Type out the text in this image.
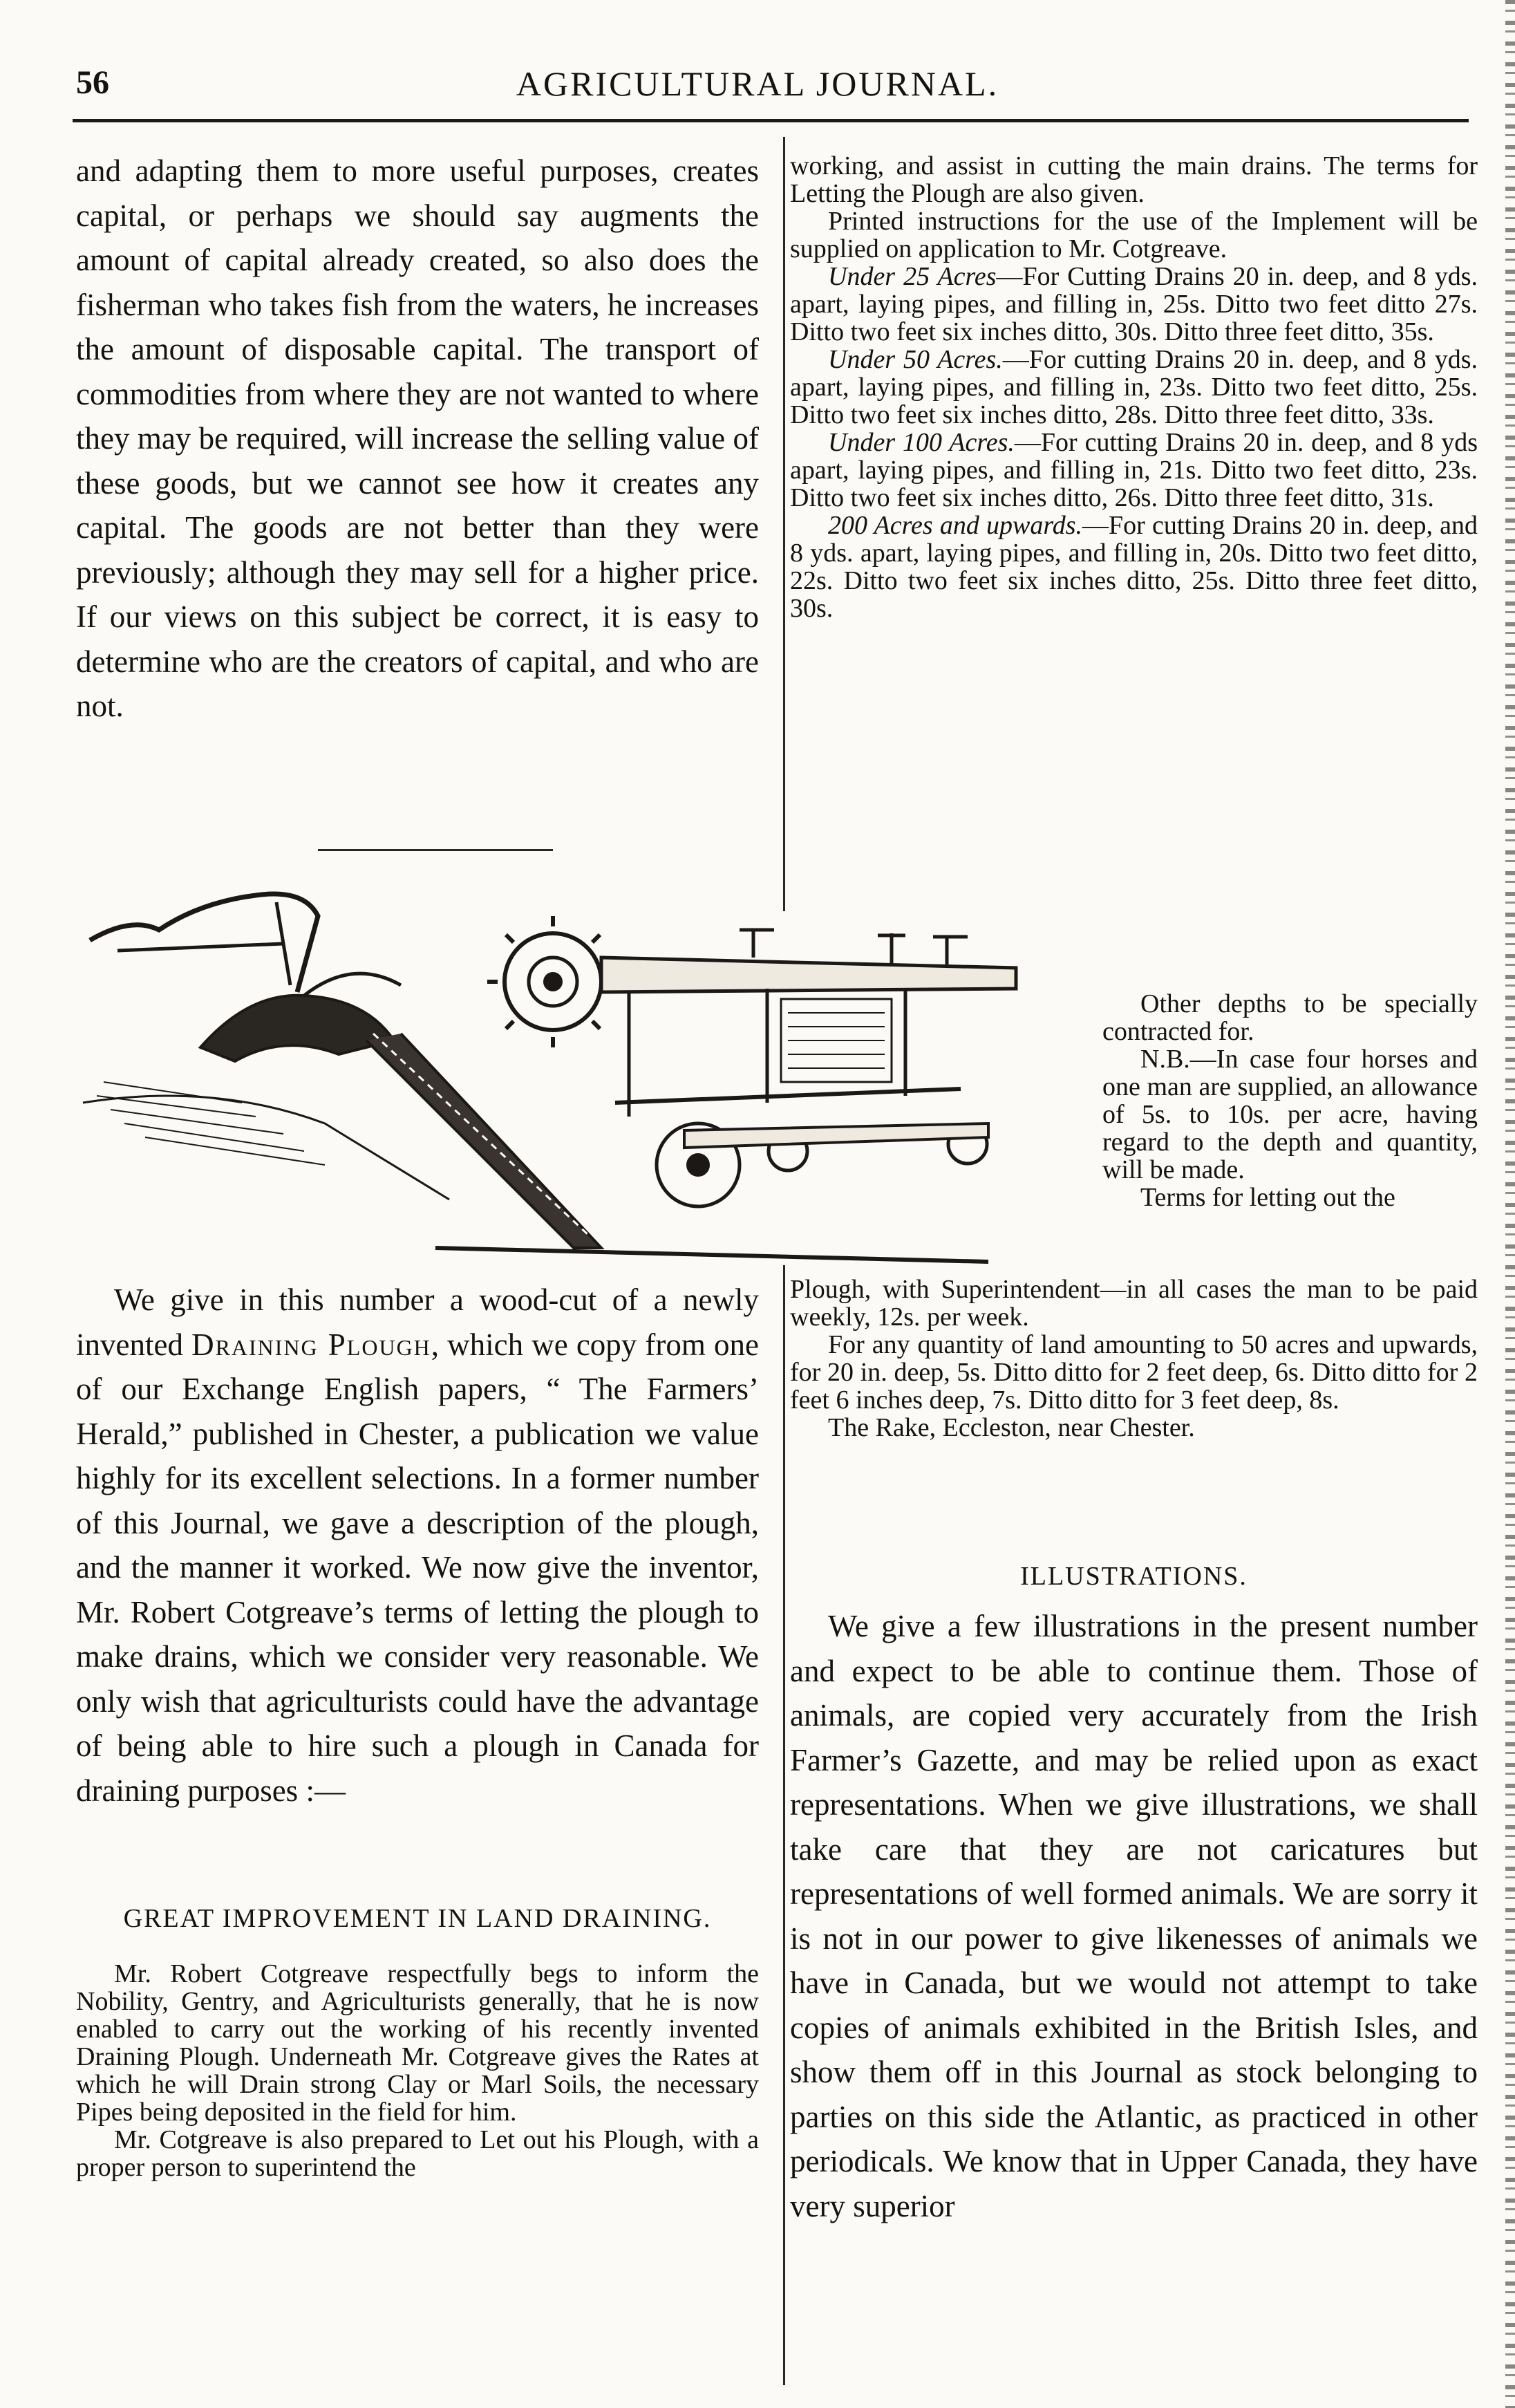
56	AGRICULTURAL JOURNAL.

and adapting them to more useful purposes, creates capital, or perhaps we should say augments the amount of capital already created, so also does the fisherman who takes fish from the waters, he increases the amount of disposable capital. The transport of commodities from where they are not wanted to where they may be required, will increase the selling value of these goods, but we cannot see how it creates any capital. The goods are not better than they were previously; although they may sell for a higher price. If our views on this subject be correct, it is easy to determine who are the creators of capital, and who are not.

working, and assist in cutting the main drains. The terms for Letting the Plough are also given.

Printed instructions for the use of the Implement will be supplied on application to Mr. Cotgreave.

Under 25 Acres—For Cutting Drains 20 in. deep, and 8 yds. apart, laying pipes, and filling in, 25s. Ditto two feet ditto 27s. Ditto two feet six inches ditto, 30s. Ditto three feet ditto, 35s.

Under 50 Acres.—For cutting Drains 20 in. deep, and 8 yds. apart, laying pipes, and filling in, 23s. Ditto two feet ditto, 25s. Ditto two feet six inches ditto, 28s. Ditto three feet ditto, 33s.

Under 100 Acres.—For cutting Drains 20 in. deep, and 8 yds apart, laying pipes, and filling in, 21s. Ditto two feet ditto, 23s. Ditto two feet six inches ditto, 26s. Ditto three feet ditto, 31s.

200 Acres and upwards.—For cutting Drains 20 in. deep, and 8 yds. apart, laying pipes, and filling in, 20s. Ditto two feet ditto, 22s. Ditto two feet six inches ditto, 25s. Ditto three feet ditto, 30s.

Other depths to be specially contracted for.

N.B.—In case four horses and one man are supplied, an allowance of 5s. to 10s. per acre, having regard to the depth and quantity, will be made.

Terms for letting out the

We give in this number a wood-cut of a newly invented Draining Plough, which we copy from one of our Exchange English papers, “ The Farmers’ Herald,” published in Chester, a publication we value highly for its excellent selections. In a former number of this Journal, we gave a description of the plough, and the manner it worked. We now give the inventor, Mr. Robert Cotgreave’s terms of letting the plough to make drains, which we consider very reasonable. We only wish that agriculturists could have the advantage of being able to hire such a plough in Canada for draining purposes :—

GREAT IMPROVEMENT IN LAND DRAINING.

Mr. Robert Cotgreave respectfully begs to inform the Nobility, Gentry, and Agriculturists generally, that he is now enabled to carry out the working of his recently invented Draining Plough. Underneath Mr. Cotgreave gives the Rates at which he will Drain strong Clay or Marl Soils, the necessary Pipes being deposited in the field for him.

Mr. Cotgreave is also prepared to Let out his Plough, with a proper person to superintend the

Plough, with Superintendent—in all cases the man to be paid weekly, 12s. per week.

For any quantity of land amounting to 50 acres and upwards, for 20 in. deep, 5s. Ditto ditto for 2 feet deep, 6s. Ditto ditto for 2 feet 6 inches deep, 7s. Ditto ditto for 3 feet deep, 8s.

The Rake, Eccleston, near Chester.

ILLUSTRATIONS.

We give a few illustrations in the present number and expect to be able to continue them. Those of animals, are copied very accurately from the Irish Farmer’s Gazette, and may be relied upon as exact representations. When we give illustrations, we shall take care that they are not caricatures but representations of well formed animals. We are sorry it is not in our power to give likenesses of animals we have in Canada, but we would not attempt to take copies of animals exhibited in the British Isles, and show them off in this Journal as stock belonging to parties on this side the Atlantic, as practiced in other periodicals. We know that in Upper Canada, they have very superior
